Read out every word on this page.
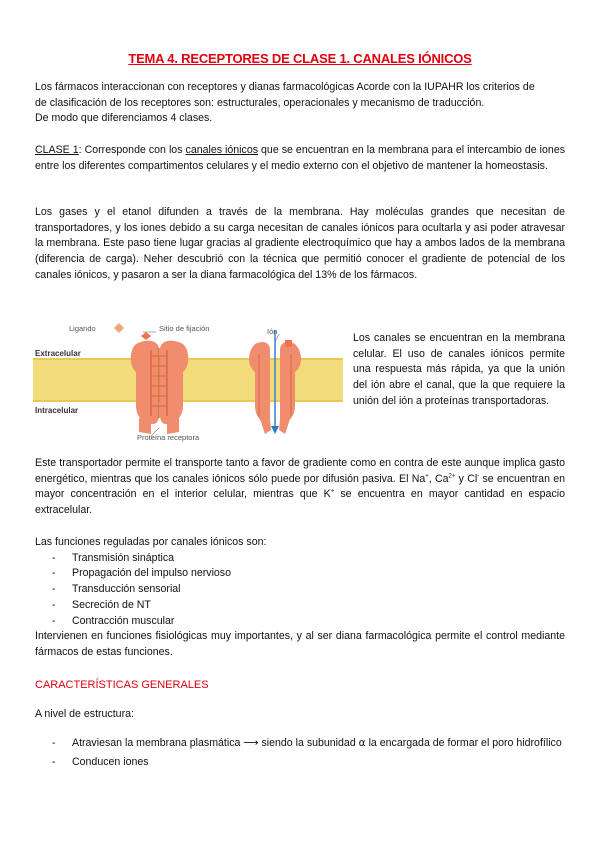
TEMA 4. RECEPTORES DE CLASE 1. CANALES IÓNICOS

Los fármacos interaccionan con receptores y dianas farmacológicas Acorde con la IUPAHR los criterios de

de clasificación de los receptores son: estructurales, operacionales y mecanismo de traducción.

De modo que diferenciamos 4 clases.

CLASE 1: Corresponde con los canales iónicos que se encuentran en la membrana para el intercambio de iones entre los diferentes compartimentos celulares y el medio externo con el objetivo de mantener la homeostasis.

Los gases y el etanol difunden a través de la membrana. Hay moléculas grandes que necesitan de transportadores, y los iones debido a su carga necesitan de canales iónicos para ocultarla y asi poder atravesar la membrana. Este paso tiene lugar gracias al gradiente electroquímico que hay a ambos lados de la membrana (diferencia de carga). Neher descubrió con la técnica que permitió conocer el gradiente de potencial de los canales iónicos, y pasaron a ser la diana farmacológica del 13% de los fármacos.

Ligando	Sitio de fijación	Ión
Extracelular
Intracelular
Proteína receptora

Los canales se encuentran en la membrana celular. El uso de canales iónicos permite una respuesta más rápida, ya que la unión del ión abre el canal, que la que requiere la unión del ión a proteínas transportadoras.

Este transportador permite el transporte tanto a favor de gradiente como en contra de este aunque implica gasto energético, mientras que los canales iónicos sólo puede por difusión pasiva. El Na+, $Ca^{2+}$ y Cl- se encuentran en mayor concentración en el interior celular, mientras que K+ se encuentra en mayor cantidad en espacio extracelular.

Las funciones reguladas por canales iónicos son:

- Transmisión sináptica
- Propagación del impulso nervioso
- Transducción sensorial
- Secreción de NT
- Contracción muscular

Intervienen en funciones fisiológicas muy importantes, y al ser diana farmacológica permite el control mediante fármacos de estas funciones.

CARACTERÍSTICAS GENERALES

A nivel de estructura:

- Atraviesan la membrana plasmática ⟶ siendo la subunidad ⍺ la encargada de formar el poro hidrofílico
- Conducen iones
